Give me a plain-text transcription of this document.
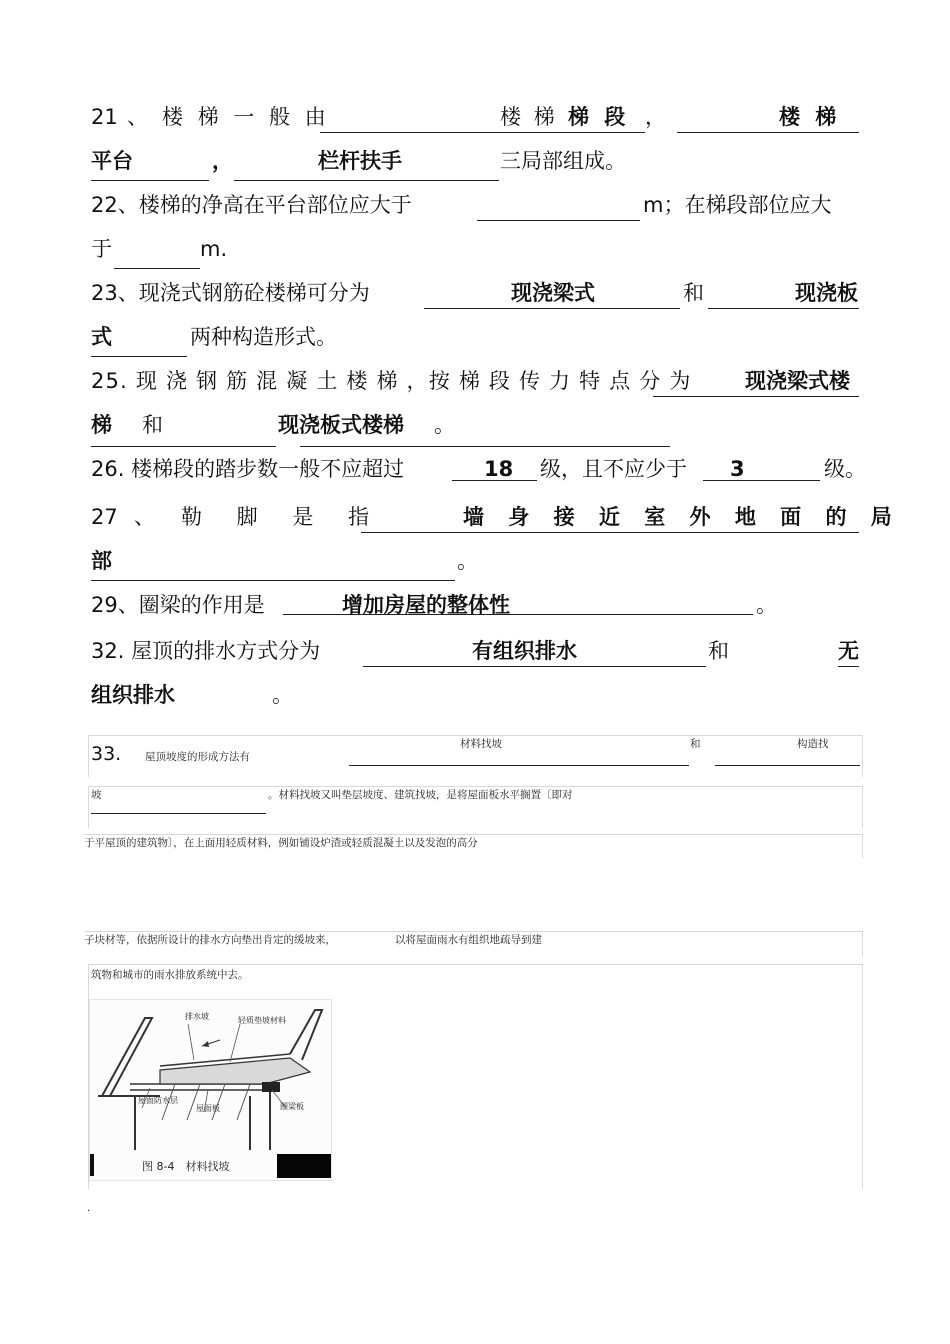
21 、 楼 梯 一 般 由	楼 梯 梯 段 ，	楼 梯
平台	，	栏杆扶手	三局部组成。
22、楼梯的净高在平台部位应大于	m；在梯段部位应大
于	m.
23、现浇式钢筋砼楼梯可分为	现浇梁式	和	现浇板
式	两种构造形式。
25. 现 浇 钢 筋 混 凝 土 楼 梯 ，按 梯 段 传 力 特 点 分 为	现浇梁式楼
梯 和	现浇板式楼梯 。
26. 楼梯段的踏步数一般不应超过	18 级，且不应少于 3	级。
27 、 勒 脚 是 指	墙 身 接 近 室 外 地 面 的 局
部	。
29、圈梁的作用是	增加房屋的整体性	。
32. 屋顶的排水方式分为	有组织排水	和	无
组织排水	。
33. 屋顶坡度的形成方法有
材料找坡	和	构造找
坡	。材料找坡又叫垫层坡度、建筑找坡，是将屋面板水平搁置〔即对
于平屋顶的建筑物〕，在上面用轻质材料，例如铺设炉渣或轻质混凝土以及发泡的高分
子块材等，依据所设计的排水方向垫出肯定的缓坡来，	以将屋面雨水有组织地疏导到建
筑物和城市的雨水排放系统中去。
排水坡	轻质垫坡材料
屋面防水层
屋面板	圈梁板
图 8-4　材料找坡
.
